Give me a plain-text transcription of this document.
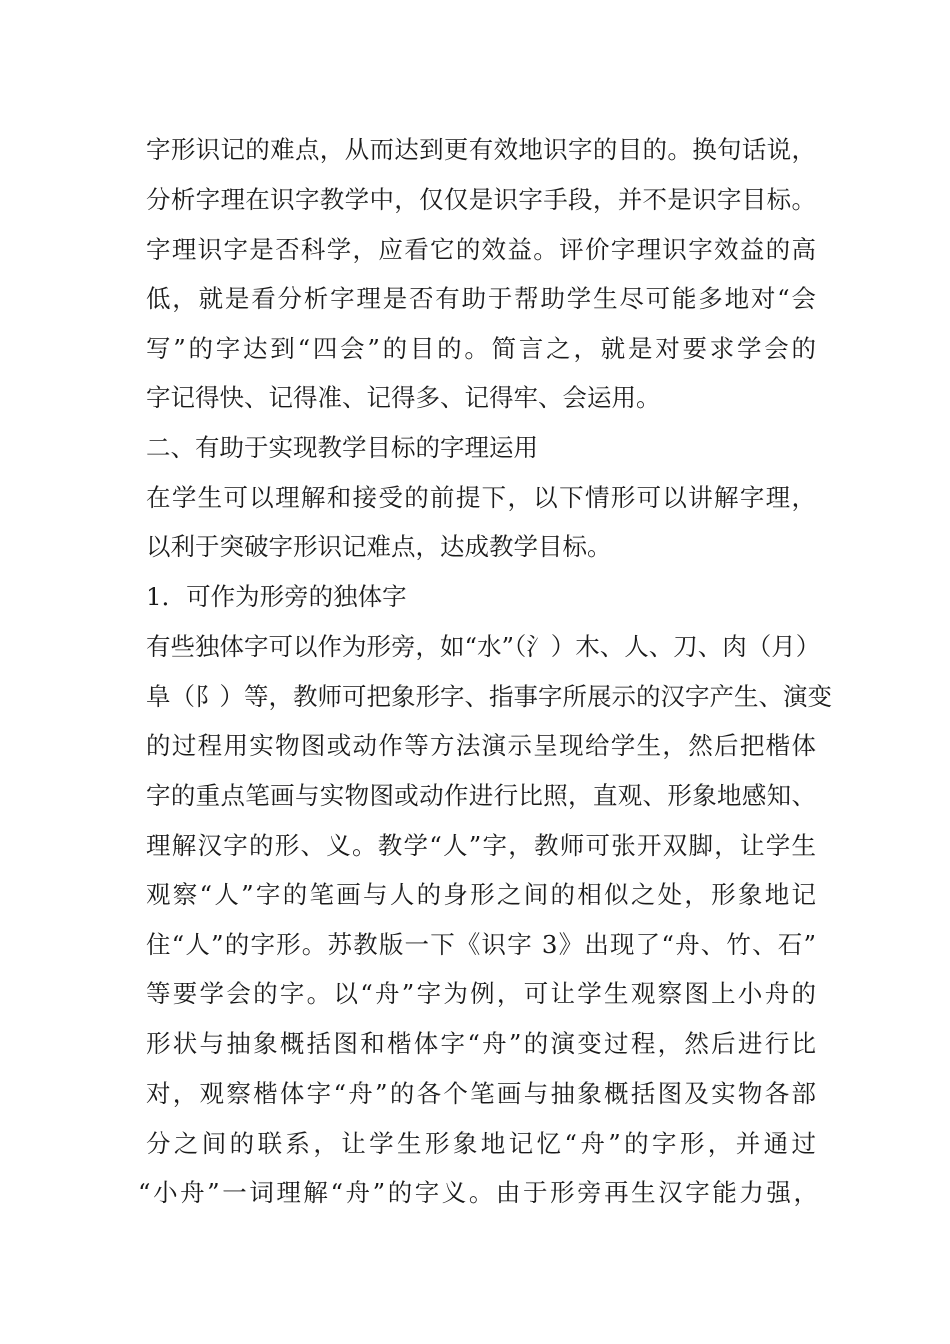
字形识记的难点，从而达到更有效地识字的目的。换句话说，
分析字理在识字教学中，仅仅是识字手段，并不是识字目标。
字理识字是否科学，应看它的效益。评价字理识字效益的高
低，就是看分析字理是否有助于帮助学生尽可能多地对“会
写”的字达到“四会”的目的。简言之，就是对要求学会的
字记得快、记得准、记得多、记得牢、会运用。
二、有助于实现教学目标的字理运用
在学生可以理解和接受的前提下，以下情形可以讲解字理，
以利于突破字形识记难点，达成教学目标。
1．可作为形旁的独体字
有些独体字可以作为形旁，如“水”（氵）木、人、刀、肉（月）
阜（阝）等，教师可把象形字、指事字所展示的汉字产生、演变
的过程用实物图或动作等方法演示呈现给学生，然后把楷体
字的重点笔画与实物图或动作进行比照，直观、形象地感知、
理解汉字的形、义。教学“人”字，教师可张开双脚，让学生
观察“人”字的笔画与人的身形之间的相似之处，形象地记
住“人”的字形。苏教版一下《识字 3》出现了“舟、竹、石”
等要学会的字。以“舟”字为例，可让学生观察图上小舟的
形状与抽象概括图和楷体字“舟”的演变过程，然后进行比
对，观察楷体字“舟”的各个笔画与抽象概括图及实物各部
分之间的联系，让学生形象地记忆“舟”的字形，并通过
“小舟”一词理解“舟”的字义。由于形旁再生汉字能力强，
